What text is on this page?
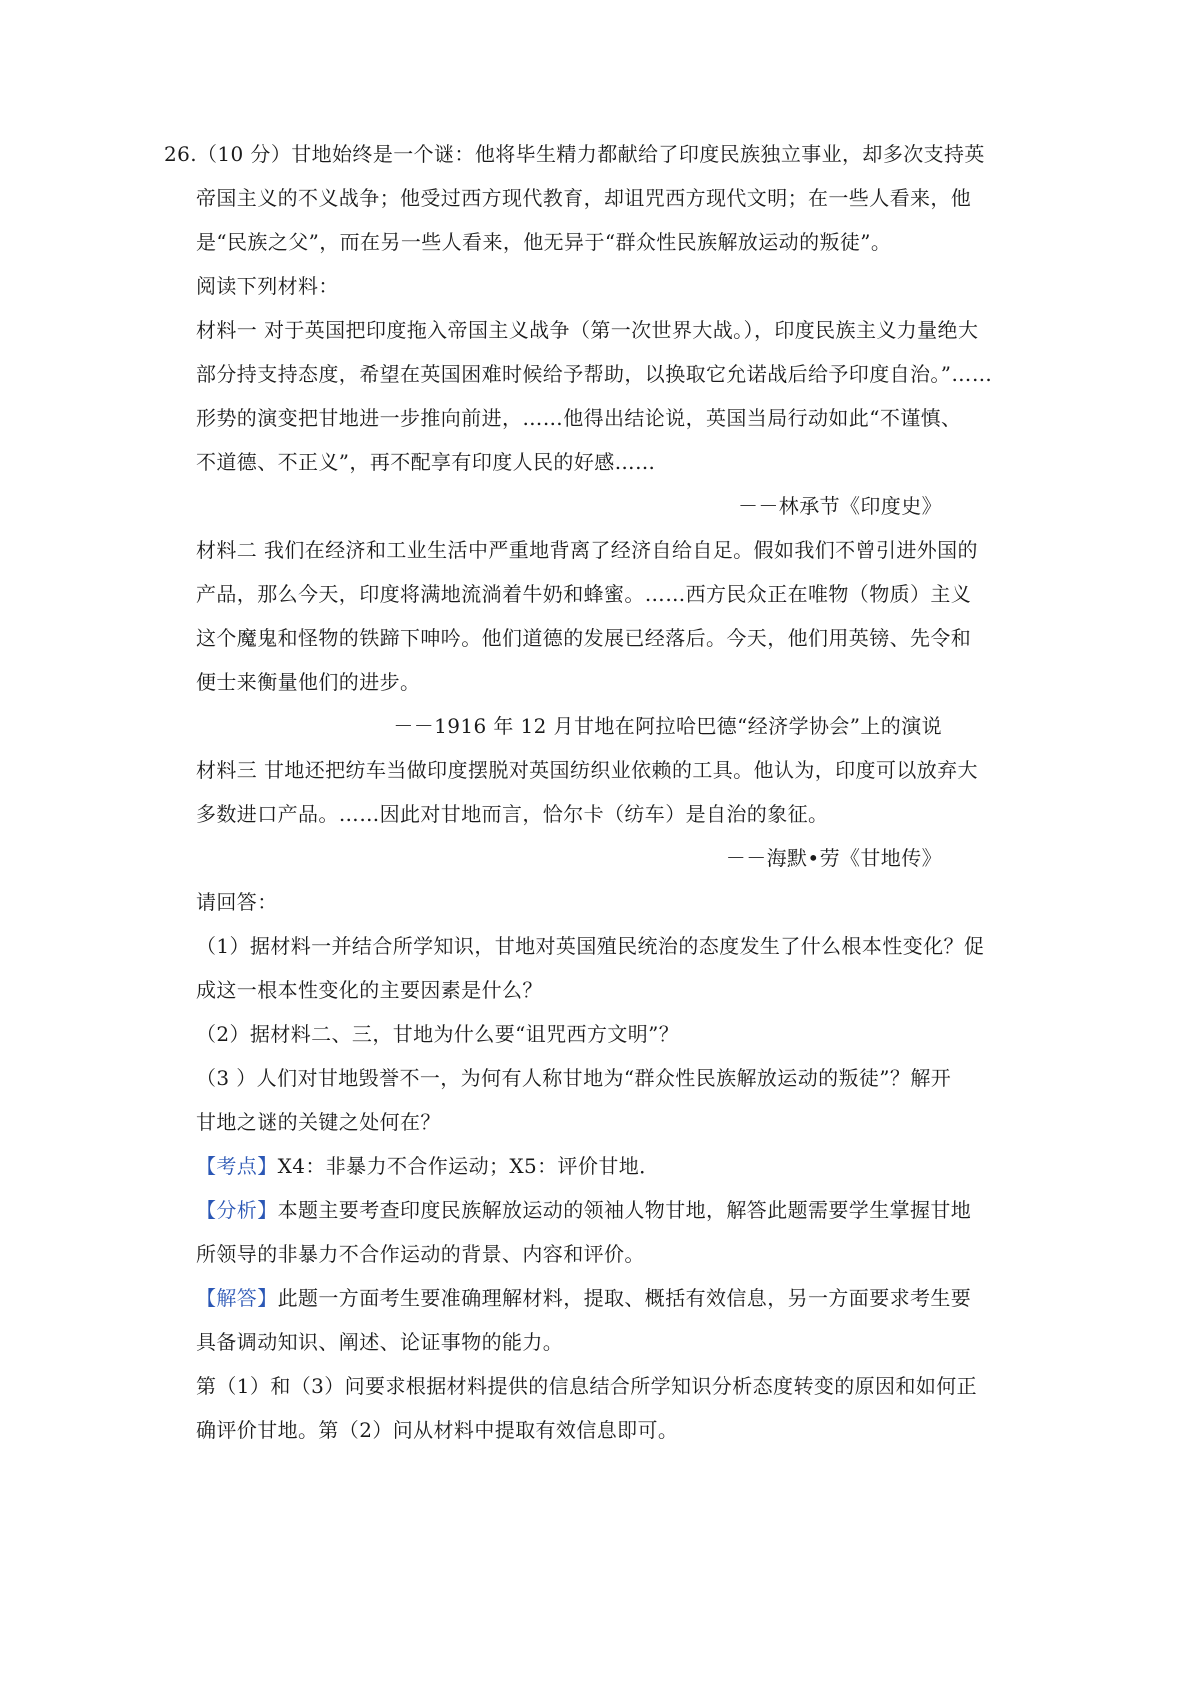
26.（10 分）甘地始终是一个谜：他将毕生精力都献给了印度民族独立事业，却多次支持英
帝国主义的不义战争；他受过西方现代教育，却诅咒西方现代文明；在一些人看来，他
是“民族之父”，而在另一些人看来，他无异于“群众性民族解放运动的叛徒”。
阅读下列材料：
材料一 对于英国把印度拖入帝国主义战争（第一次世界大战。），印度民族主义力量绝大
部分持支持态度，希望在英国困难时候给予帮助，以换取它允诺战后给予印度自治。”……
形势的演变把甘地进一步推向前进，……他得出结论说，英国当局行动如此“不谨慎、
不道德、不正义”，再不配享有印度人民的好感……
－－林承节《印度史》
材料二 我们在经济和工业生活中严重地背离了经济自给自足。假如我们不曾引进外国的
产品，那么今天，印度将满地流淌着牛奶和蜂蜜。……西方民众正在唯物（物质）主义
这个魔鬼和怪物的铁蹄下呻吟。他们道德的发展已经落后。今天，他们用英镑、先令和
便士来衡量他们的进步。
－－1916 年 12 月甘地在阿拉哈巴德“经济学协会”上的演说
材料三 甘地还把纺车当做印度摆脱对英国纺织业依赖的工具。他认为，印度可以放弃大
多数进口产品。……因此对甘地而言，恰尔卡（纺车）是自治的象征。
－－海默•劳《甘地传》
请回答：
（1）据材料一并结合所学知识，甘地对英国殖民统治的态度发生了什么根本性变化？促
成这一根本性变化的主要因素是什么？
（2）据材料二、三，甘地为什么要“诅咒西方文明”？
（3 ）人们对甘地毁誉不一，为何有人称甘地为“群众性民族解放运动的叛徒”？解开
甘地之谜的关键之处何在？
【考点】X4：非暴力不合作运动；X5：评价甘地．
【分析】本题主要考查印度民族解放运动的领袖人物甘地，解答此题需要学生掌握甘地
所领导的非暴力不合作运动的背景、内容和评价。
【解答】此题一方面考生要准确理解材料，提取、概括有效信息，另一方面要求考生要
具备调动知识、阐述、论证事物的能力。
第（1）和（3）问要求根据材料提供的信息结合所学知识分析态度转变的原因和如何正
确评价甘地。第（2）问从材料中提取有效信息即可。
